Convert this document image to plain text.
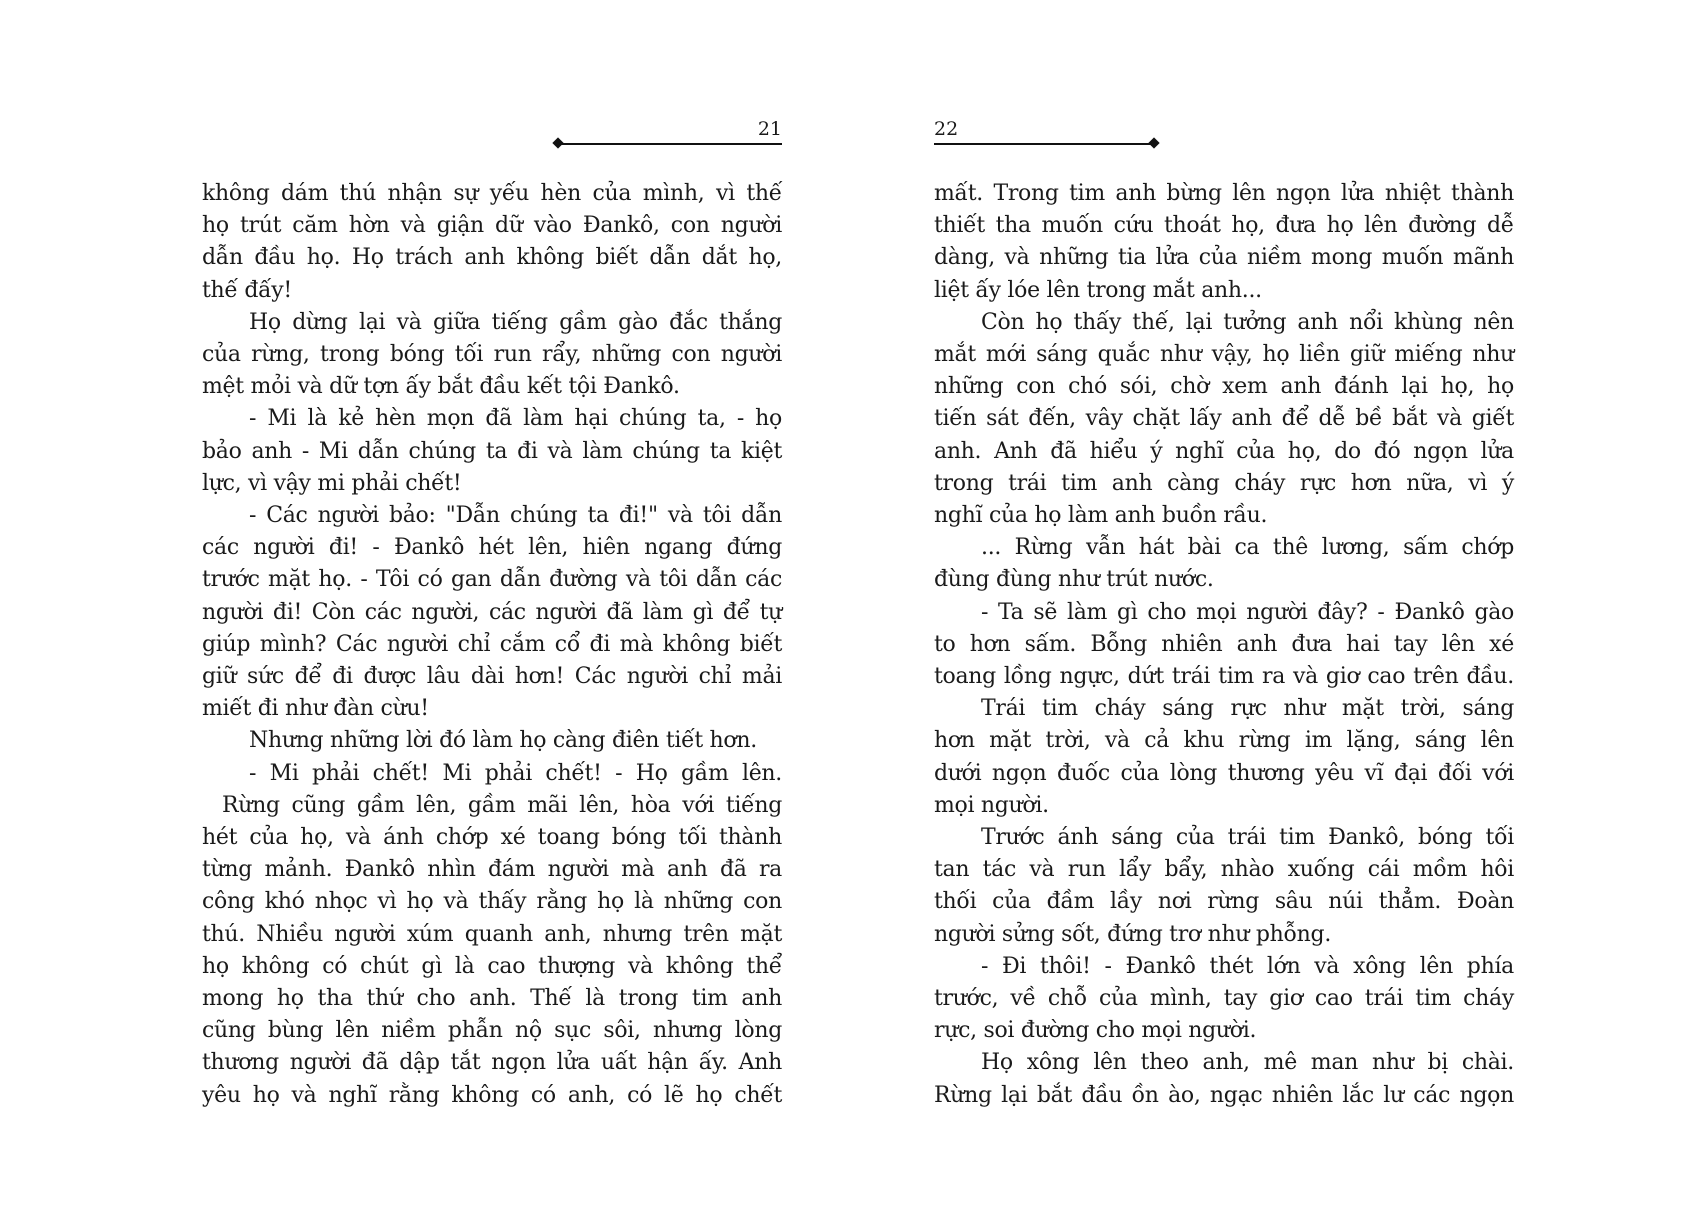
21
không dám thú nhận sự yếu hèn của mình, vì thế
họ trút căm hờn và giận dữ vào Đankô, con người
dẫn đầu họ. Họ trách anh không biết dẫn dắt họ,
thế đấy!
Họ dừng lại và giữa tiếng gầm gào đắc thắng
của rừng, trong bóng tối run rẩy, những con người
mệt mỏi và dữ tợn ấy bắt đầu kết tội Đankô.
- Mi là kẻ hèn mọn đã làm hại chúng ta, - họ
bảo anh - Mi dẫn chúng ta đi và làm chúng ta kiệt
lực, vì vậy mi phải chết!
- Các người bảo: "Dẫn chúng ta đi!" và tôi dẫn
các người đi! - Đankô hét lên, hiên ngang đứng
trước mặt họ. - Tôi có gan dẫn đường và tôi dẫn các
người đi! Còn các người, các người đã làm gì để tự
giúp mình? Các người chỉ cắm cổ đi mà không biết
giữ sức để đi được lâu dài hơn! Các người chỉ mải
miết đi như đàn cừu!
Nhưng những lời đó làm họ càng điên tiết hơn.
- Mi phải chết! Mi phải chết! - Họ gầm lên.
Rừng cũng gầm lên, gầm mãi lên, hòa với tiếng
hét của họ, và ánh chớp xé toang bóng tối thành
từng mảnh. Đankô nhìn đám người mà anh đã ra
công khó nhọc vì họ và thấy rằng họ là những con
thú. Nhiều người xúm quanh anh, nhưng trên mặt
họ không có chút gì là cao thượng và không thể
mong họ tha thứ cho anh. Thế là trong tim anh
cũng bùng lên niềm phẫn nộ sục sôi, nhưng lòng
thương người đã dập tắt ngọn lửa uất hận ấy. Anh
yêu họ và nghĩ rằng không có anh, có lẽ họ chết
22
mất. Trong tim anh bừng lên ngọn lửa nhiệt thành
thiết tha muốn cứu thoát họ, đưa họ lên đường dễ
dàng, và những tia lửa của niềm mong muốn mãnh
liệt ấy lóe lên trong mắt anh...
Còn họ thấy thế, lại tưởng anh nổi khùng nên
mắt mới sáng quắc như vậy, họ liền giữ miếng như
những con chó sói, chờ xem anh đánh lại họ, họ
tiến sát đến, vây chặt lấy anh để dễ bề bắt và giết
anh. Anh đã hiểu ý nghĩ của họ, do đó ngọn lửa
trong trái tim anh càng cháy rực hơn nữa, vì ý
nghĩ của họ làm anh buồn rầu.
... Rừng vẫn hát bài ca thê lương, sấm chớp
đùng đùng như trút nước.
- Ta sẽ làm gì cho mọi người đây? - Đankô gào
to hơn sấm. Bỗng nhiên anh đưa hai tay lên xé
toang lồng ngực, dứt trái tim ra và giơ cao trên đầu.
Trái tim cháy sáng rực như mặt trời, sáng
hơn mặt trời, và cả khu rừng im lặng, sáng lên
dưới ngọn đuốc của lòng thương yêu vĩ đại đối với
mọi người.
Trước ánh sáng của trái tim Đankô, bóng tối
tan tác và run lẩy bẩy, nhào xuống cái mồm hôi
thối của đầm lầy nơi rừng sâu núi thẳm. Đoàn
người sửng sốt, đứng trơ như phỗng.
- Đi thôi! - Đankô thét lớn và xông lên phía
trước, về chỗ của mình, tay giơ cao trái tim cháy
rực, soi đường cho mọi người.
Họ xông lên theo anh, mê man như bị chài.
Rừng lại bắt đầu ồn ào, ngạc nhiên lắc lư các ngọn
